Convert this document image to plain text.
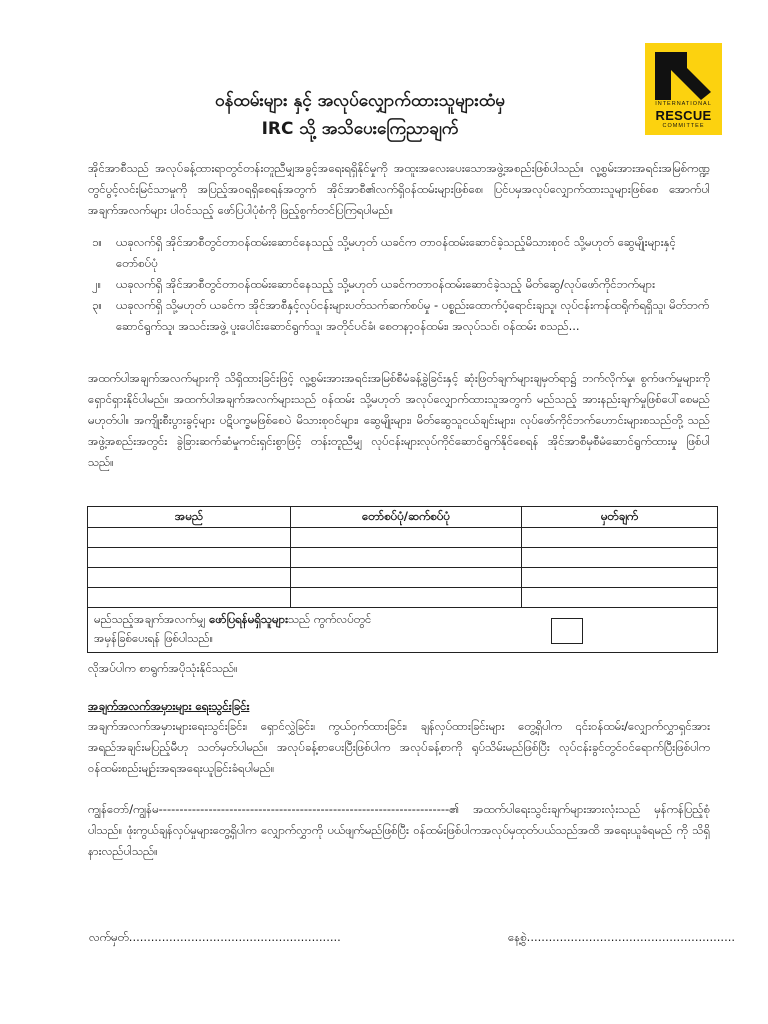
INTERNATIONAL
RESCUE
COMMITTEE
ဝန်ထမ်းများ နှင့် အလုပ်လျှောက်ထားသူများထံမှ
IRC သို့ အသိပေးကြေညာချက်

အိုင်အာစီသည် အလုပ်ခန့်ထားရာတွင်တန်းတူညီမျှအခွင့်အရေးရရှိနိုင်မှုကို အထူးအလေးပေးသောအဖွဲ့အစည်းဖြစ်ပါသည်။ လူ့စွမ်းအားအရင်းအမြစ်ကဏ္ဍတွင်ပွင့်လင်းမြင်သာမှုကို အပြည့်အဝရရှိစေရန်အတွက် အိုင်အာစီ၏လက်ရှိဝန်ထမ်းများဖြစ်စေ၊ ပြင်ပမှအလုပ်လျှောက်ထားသူများဖြစ်စေ အောက်ပါအချက်အလက်များ ပါဝင်သည့် ဖော်ပြပါပုံစံကို ဖြည့်စွက်တင်ပြကြရပါမည်။

၁။ ယခုလက်ရှိ အိုင်အာစီတွင်တာဝန်ထမ်းဆောင်နေသည့် သို့မဟုတ် ယခင်က တာဝန်ထမ်းဆောင်ခဲ့သည့်မိသားစုဝင် သို့မဟုတ် ဆွေမျိုးများနှင့် တော်စပ်ပုံ
၂။ ယခုလက်ရှိ အိုင်အာစီတွင်တာဝန်ထမ်းဆောင်နေသည့် သို့မဟုတ် ယခင်ကတာဝန်ထမ်းဆောင်ခဲ့သည့် မိတ်ဆွေ/လုပ်ဖော်ကိုင်ဘက်များ
၃။ ယခုလက်ရှိ သို့မဟုတ် ယခင်က အိုင်အာစီနှင့်လုပ်ငန်းများပတ်သက်ဆက်စပ်မှု - ပစ္စည်းထောက်ပံ့ရောင်းချသူ၊ လုပ်ငန်းကန်ထရိုက်ရရှိသူ၊ မိတ်ဘက်ဆောင်ရွက်သူ၊ အသင်းအဖွဲ့ ပူးပေါင်းဆောင်ရွက်သူ၊ အတိုင်ပင်ခံ၊ စေတနာ့ဝန်ထမ်း၊ အလုပ်သင်၊ ဝန်ထမ်း စသည်...

အထက်ပါအချက်အလက်များကို သိရှိထားခြင်းဖြင့် လူ့စွမ်းအားအရင်းအမြစ်စီမံခန့်ခွဲခြင်းနှင့် ဆုံးဖြတ်ချက်များချမှတ်ရာ၌ ဘက်လိုက်မှု၊ စွက်ဖက်မှုများကိုရှောင်ရှားနိုင်ပါမည်။ အထက်ပါအချက်အလက်များသည် ဝန်ထမ်း သို့မဟုတ် အလုပ်လျှောက်ထားသူအတွက် မည်သည့် အားနည်းချက်မှုဖြစ်ပေါ်စေမည် မဟုတ်ပါ။ အကျိုးစီးပွားခွင့်များ ပဋိပက္ခမဖြစ်စေပဲ မိသားစုဝင်များ၊ ဆွေမျိုးများ၊ မိတ်ဆွေသူငယ်ချင်းများ၊ လုပ်ဖော်ကိုင်ဘက်ဟောင်းများစသည်တို့ သည် အဖွဲ့အစည်းအတွင်း ခွဲခြားဆက်ဆံမှုကင်းရှင်းစွာဖြင့် တန်းတူညီမျှ လုပ်ငန်းများလုပ်ကိုင်ဆောင်ရွက်နိုင်စေရန် အိုင်အာစီမှစီမံဆောင်ရွက်ထားမှု ဖြစ်ပါ သည်။

အမည်	တော်စပ်ပုံ/ဆက်စပ်ပုံ	မှတ်ချက်

မည်သည့်အချက်အလက်မျှ ဖော်ပြရန်မရှိသူများသည် ကွက်လပ်တွင်
အမှန်ခြစ်ပေးရန် ဖြစ်ပါသည်။		
လိုအပ်ပါက စာရွက်အပိုသုံးနိုင်သည်။
အချက်အလက်အမှားများ ရေးသွင်းခြင်း

အချက်အလက်အမှားများရေးသွင်းခြင်း၊ ရှောင်လွှဲခြင်း၊ ကွယ်ဝှက်ထားခြင်း၊ ချန်လှပ်ထားခြင်းများ တွေ့ရှိပါက ၎င်းဝန်ထမ်း/လျှောက်လွှာရှင်အား အရည်အချင်းမပြည့်မီဟု သတ်မှတ်ပါမည်။ အလုပ်ခန့်စာပေးပြီးဖြစ်ပါက အလုပ်ခန့်စာကို ရုပ်သိမ်းမည်ဖြစ်ပြီး လုပ်ငန်းခွင်တွင်ဝင်ရောက်ပြီးဖြစ်ပါက ဝန်ထမ်းစည်းမျဉ်းအရအရေးယူခြင်းခံရပါမည်။

ကျွန်တော်/ကျွန်မ----------------------------------------------------------------------၏ အထက်ပါရေးသွင်းချက်များအားလုံးသည် မှန်ကန်ပြည့်စုံပါသည်။ ဖုံးကွယ်ချန်လှပ်မှုများတွေ့ရှိပါက လျှောက်လွှာကို ပယ်ဖျက်မည်ဖြစ်ပြီး ဝန်ထမ်းဖြစ်ပါကအလုပ်မှထုတ်ပယ်သည်အထိ အရေးယူခံရမည် ကို သိရှိနားလည်ပါသည်။

လက်မှတ်..........................................................	နေ့စွဲ.........................................................
